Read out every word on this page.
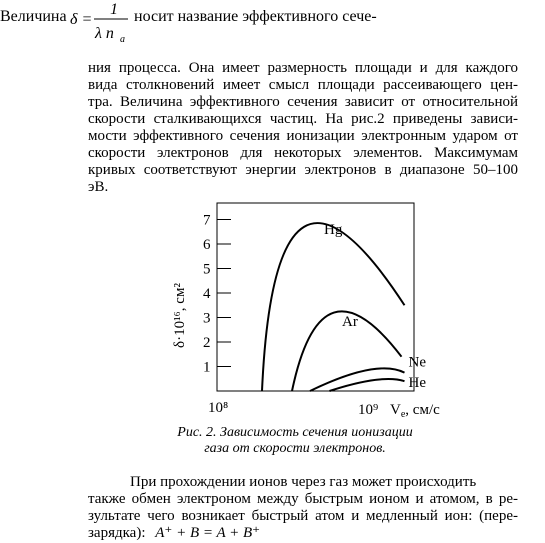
Величина δ =
1
λ n a
носит название эффективного сече-
ния процесса. Она имеет размерность площади и для каждого
вида столкновений имеет смысл площади рассеивающего цен-
тра. Величина эффективного сечения зависит от относительной
скорости сталкивающихся частиц. На рис.2 приведены зависи-
мости эффективного сечения ионизации электронным ударом от
скорости электронов для некоторых элементов. Максимумам
кривых соответствуют энергии электронов в диапазоне 50–100
эВ.
1
2
3
4
5
6
7
Hg
Ar
Ne
He
δ·10¹⁶, см²
10⁸	10⁹ $V_e$, см/с
Рис. 2. Зависимость сечения ионизации
газа от скорости электронов.
При прохождении ионов через газ может происходить
также обмен электроном между быстрым ионом и атомом, в ре-
зультате чего возникает быстрый атом и медленный ион: (пере-
зарядка): A⁺ + B = A + B⁺
